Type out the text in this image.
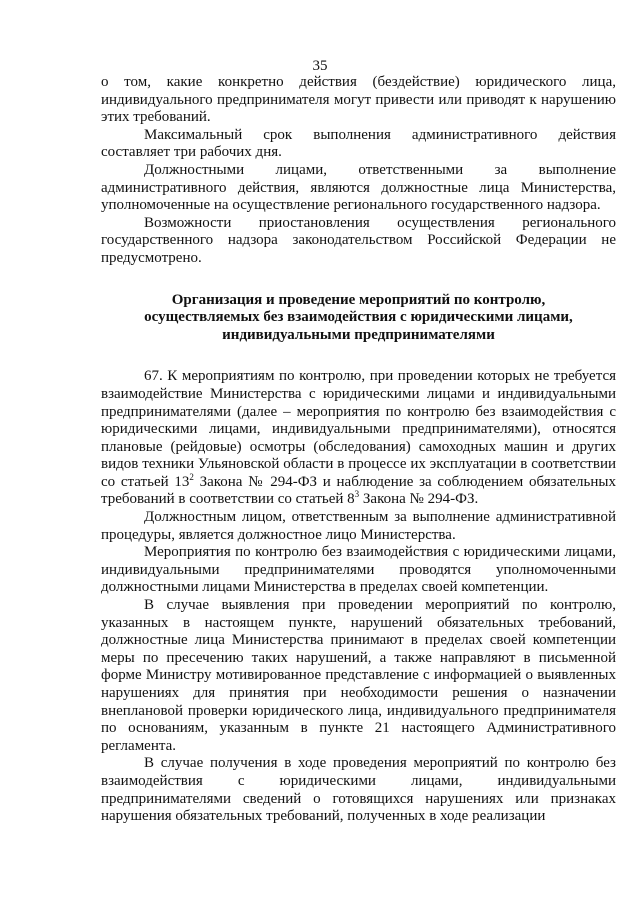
35

о том, какие конкретно действия (бездействие) юридического лица, индивидуального предпринимателя могут привести или приводят к нарушению этих требований.

Максимальный срок выполнения административного действия составляет три рабочих дня.

Должностными лицами, ответственными за выполнение административного действия, являются должностные лица Министерства, уполномоченные на осуществление регионального государственного надзора.

Возможности приостановления осуществления регионального государственного надзора законодательством Российской Федерации не предусмотрено.

Организация и проведение мероприятий по контролю, осуществляемых без взаимодействия с юридическими лицами, индивидуальными предпринимателями

67. К мероприятиям по контролю, при проведении которых не требуется взаимодействие Министерства с юридическими лицами и индивидуальными предпринимателями (далее – мероприятия по контролю без взаимодействия с юридическими лицами, индивидуальными предпринимателями), относятся плановые (рейдовые) осмотры (обследования) самоходных машин и других видов техники Ульяновской области в процессе их эксплуатации в соответствии со статьей $13^2$ Закона № 294-ФЗ и наблюдение за соблюдением обязательных требований в соответствии со статьей $8^3$ Закона № 294-ФЗ.

Должностным лицом, ответственным за выполнение административной процедуры, является должностное лицо Министерства.

Мероприятия по контролю без взаимодействия с юридическими лицами, индивидуальными предпринимателями проводятся уполномоченными должностными лицами Министерства в пределах своей компетенции.

В случае выявления при проведении мероприятий по контролю, указанных в настоящем пункте, нарушений обязательных требований, должностные лица Министерства принимают в пределах своей компетенции меры по пресечению таких нарушений, а также направляют в письменной форме Министру мотивированное представление с информацией о выявленных нарушениях для принятия при необходимости решения о назначении внеплановой проверки юридического лица, индивидуального предпринимателя по основаниям, указанным в пункте 21 настоящего Административного регламента.

В случае получения в ходе проведения мероприятий по контролю без взаимодействия с юридическими лицами, индивидуальными предпринимателями сведений о готовящихся нарушениях или признаках нарушения обязательных требований, полученных в ходе реализации
